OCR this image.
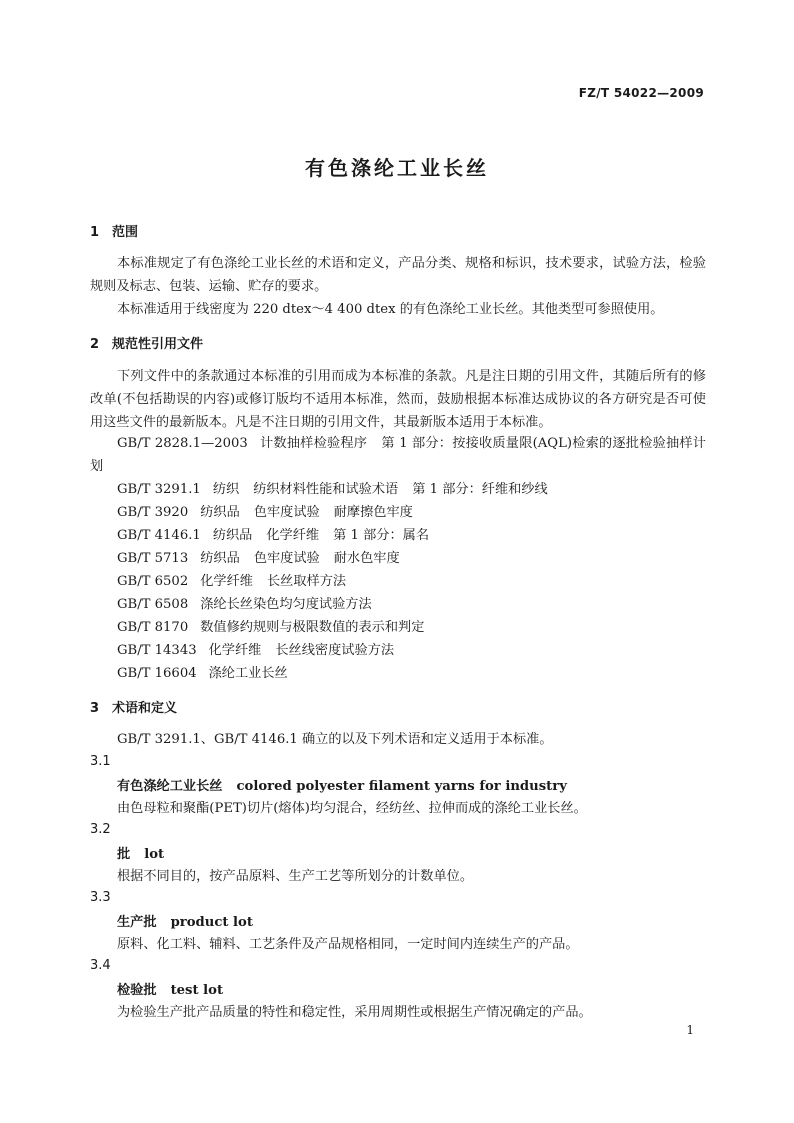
FZ/T 54022—2009
有色涤纶工业长丝
1 范围

本标准规定了有色涤纶工业长丝的术语和定义，产品分类、规格和标识，技术要求，试验方法，检验规则及标志、包装、运输、贮存的要求。

本标准适用于线密度为 220 dtex～4 400 dtex 的有色涤纶工业长丝。其他类型可参照使用。

2 规范性引用文件

下列文件中的条款通过本标准的引用而成为本标准的条款。凡是注日期的引用文件，其随后所有的修改单(不包括勘误的内容)或修订版均不适用本标准，然而，鼓励根据本标准达成协议的各方研究是否可使用这些文件的最新版本。凡是不注日期的引用文件，其最新版本适用于本标准。

GB/T 2828.1—2003 计数抽样检验程序 第 1 部分：按接收质量限(AQL)检索的逐批检验抽样计划

GB/T 3291.1 纺织 纺织材料性能和试验术语 第 1 部分：纤维和纱线
GB/T 3920 纺织品 色牢度试验 耐摩擦色牢度
GB/T 4146.1 纺织品 化学纤维 第 1 部分：属名
GB/T 5713 纺织品 色牢度试验 耐水色牢度
GB/T 6502 化学纤维 长丝取样方法
GB/T 6508 涤纶长丝染色均匀度试验方法
GB/T 8170 数值修约规则与极限数值的表示和判定
GB/T 14343 化学纤维 长丝线密度试验方法
GB/T 16604 涤纶工业长丝
3 术语和定义

GB/T 3291.1、GB/T 4146.1 确立的以及下列术语和定义适用于本标准。

3.1
有色涤纶工业长丝 colored polyester filament yarns for industry
由色母粒和聚酯(PET)切片(熔体)均匀混合，经纺丝、拉伸而成的涤纶工业长丝。
3.2
批 lot
根据不同目的，按产品原料、生产工艺等所划分的计数单位。
3.3
生产批 product lot
原料、化工料、辅料、工艺条件及产品规格相同，一定时间内连续生产的产品。
3.4
检验批 test lot
为检验生产批产品质量的特性和稳定性，采用周期性或根据生产情况确定的产品。
1
